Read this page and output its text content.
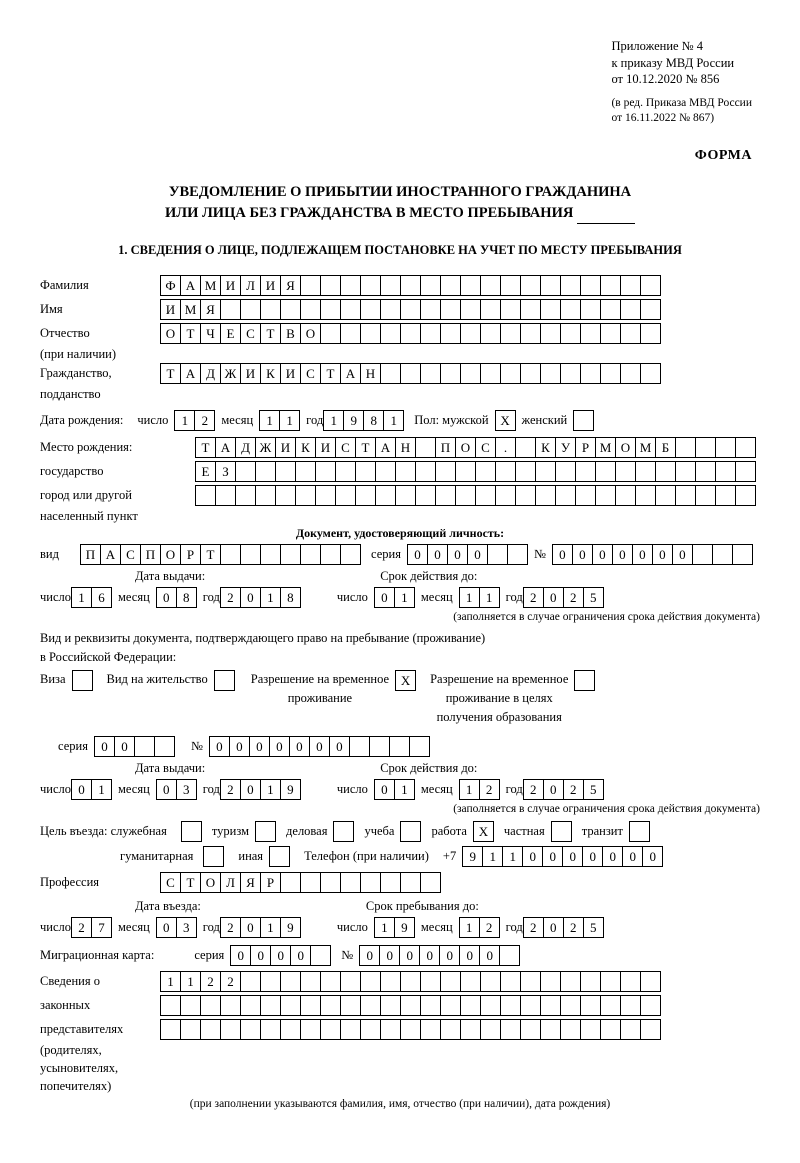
Приложение № 4
к приказу МВД России
от 10.12.2020 № 856
(в ред. Приказа МВД России
от 16.11.2022 № 867)
ФОРМА
УВЕДОМЛЕНИЕ О ПРИБЫТИИ ИНОСТРАННОГО ГРАЖДАНИНА
ИЛИ ЛИЦА БЕЗ ГРАЖДАНСТВА В МЕСТО ПРЕБЫВАНИЯ
1. СВЕДЕНИЯ О ЛИЦЕ, ПОДЛЕЖАЩЕМ ПОСТАНОВКЕ НА УЧЕТ ПО МЕСТУ ПРЕБЫВАНИЯ
Фамилия	Ф А М И Л И Я
Имя	И М Я
Отчество	О Т Ч Е С Т В О
(при наличии)
Гражданство,	Т А Д Ж И К И С Т А Н
подданство
Дата рождения: число	1	2	месяц	1	1	год 1	9	8	1	Пол: мужской Х женский
Место рождения:	Т А Д Ж И К И С Т А Н	П О С	.	К У Р М О М Б
государство	Е З
город или другой
населенный пункт
Документ, удостоверяющий личность:
вид	П А С П О Р Т	серия	0	0	0	0	№	0	0	0	0	0	0	0
Дата выдачи:	Срок действия до:
число 1	6	месяц	0	8	год 2	0	1	8	число	0	1	месяц	1	1	год 2	0	2	5
(заполняется в случае ограничения срока действия документа)
Вид и реквизиты документа, подтверждающего право на пребывание (проживание)
в Российской Федерации:
Виза	Вид на жительство	Разрешение на временное
проживание
Х	Разрешение на временное
проживание в целях
получения образования
серия	0	0	№	0	0	0	0	0	0	0
Дата выдачи:	Срок действия до:
число 0	1	месяц	0	3	год 2	0	1	9	число	0	1	месяц	1	2	год 2	0	2	5
(заполняется в случае ограничения срока действия документа)
Цель въезда: служебная	туризм	деловая	учеба	работа Х	частная	транзит
гуманитарная	иная	Телефон (при наличии) +7	9	1	1	0	0	0	0	0	0	0
Профессия	С Т О Л Я Р
Дата въезда:	Срок пребывания до:
число 2	7	месяц	0	3	год 2	0	1	9	число	1	9	месяц	1	2	год 2	0	2	5
Миграционная карта:	серия	0	0	0	0	№	0	0	0	0	0	0	0
Сведения о	1	1	2	2
законных
представителях
(родителях,
усыновителях,
попечителях)
(при заполнении указываются фамилия, имя, отчество (при наличии), дата рождения)
